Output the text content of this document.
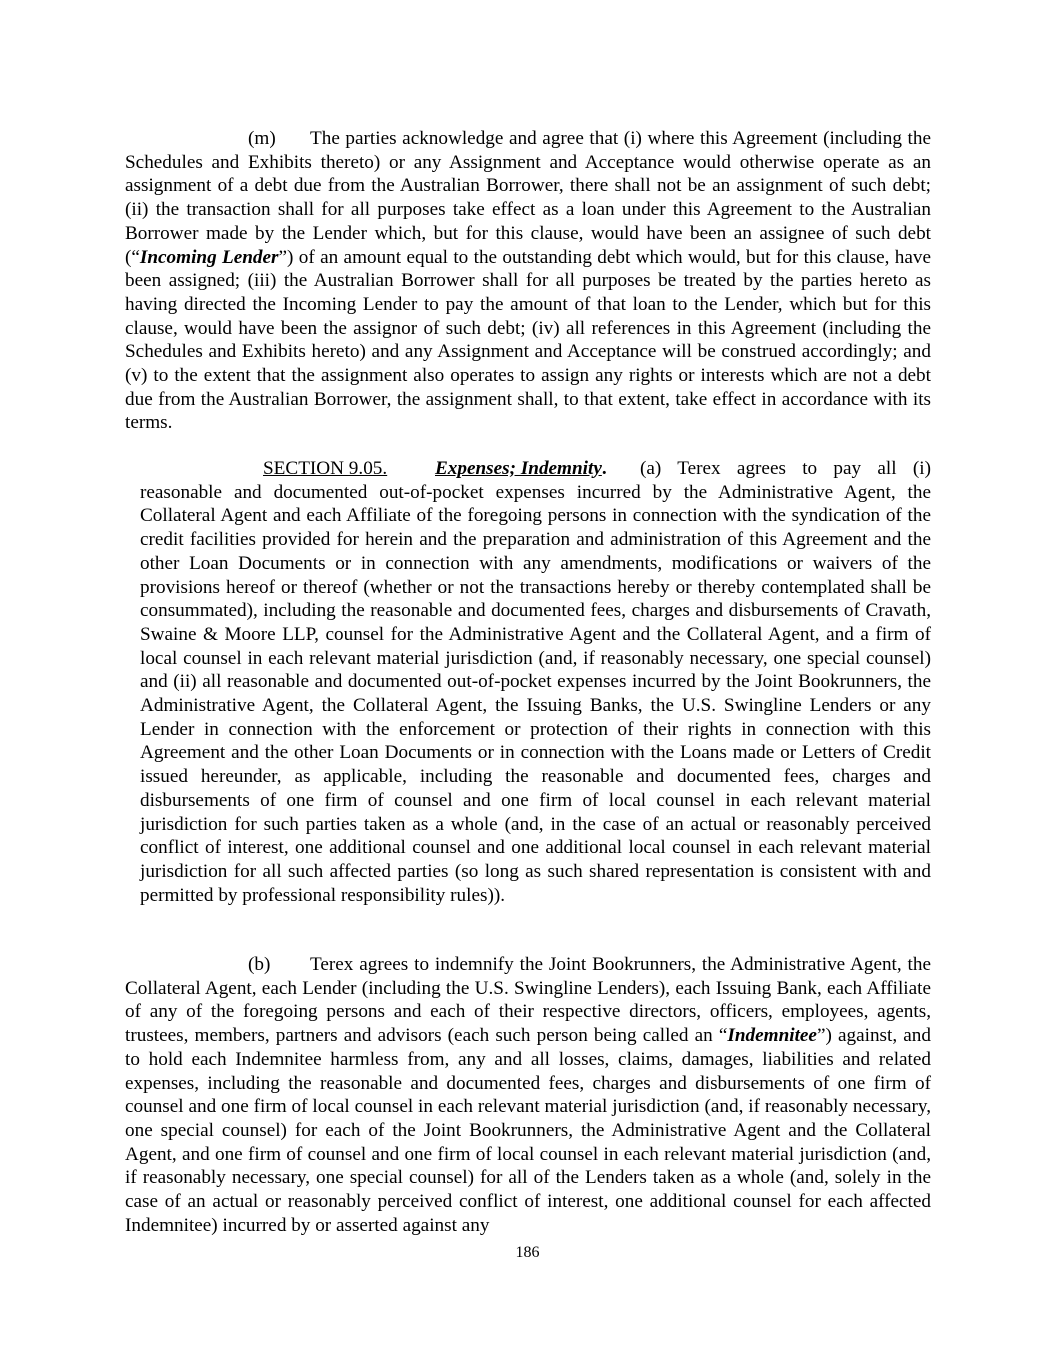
(m) The parties acknowledge and agree that (i) where this Agreement (including the Schedules and Exhibits thereto) or any Assignment and Acceptance would otherwise operate as an assignment of a debt due from the Australian Borrower, there shall not be an assignment of such debt; (ii) the transaction shall for all purposes take effect as a loan under this Agreement to the Australian Borrower made by the Lender which, but for this clause, would have been an assignee of such debt (“Incoming Lender”) of an amount equal to the outstanding debt which would, but for this clause, have been assigned; (iii) the Australian Borrower shall for all purposes be treated by the parties hereto as having directed the Incoming Lender to pay the amount of that loan to the Lender, which but for this clause, would have been the assignor of such debt; (iv) all references in this Agreement (including the Schedules and Exhibits hereto) and any Assignment and Acceptance will be construed accordingly; and (v) to the extent that the assignment also operates to assign any rights or interests which are not a debt due from the Australian Borrower, the assignment shall, to that extent, take effect in accordance with its terms.

SECTION 9.05. Expenses; Indemnity. (a) Terex agrees to pay all (i) reasonable and documented out-of-pocket expenses incurred by the Administrative Agent, the Collateral Agent and each Affiliate of the foregoing persons in connection with the syndication of the credit facilities provided for herein and the preparation and administration of this Agreement and the other Loan Documents or in connection with any amendments, modifications or waivers of the provisions hereof or thereof (whether or not the transactions hereby or thereby contemplated shall be consummated), including the reasonable and documented fees, charges and disbursements of Cravath, Swaine & Moore LLP, counsel for the Administrative Agent and the Collateral Agent, and a firm of local counsel in each relevant material jurisdiction (and, if reasonably necessary, one special counsel) and (ii) all reasonable and documented out-of-pocket expenses incurred by the Joint Bookrunners, the Administrative Agent, the Collateral Agent, the Issuing Banks, the U.S. Swingline Lenders or any Lender in connection with the enforcement or protection of their rights in connection with this Agreement and the other Loan Documents or in connection with the Loans made or Letters of Credit issued hereunder, as applicable, including the reasonable and documented fees, charges and disbursements of one firm of counsel and one firm of local counsel in each relevant material jurisdiction for such parties taken as a whole (and, in the case of an actual or reasonably perceived conflict of interest, one additional counsel and one additional local counsel in each relevant material jurisdiction for all such affected parties (so long as such shared representation is consistent with and permitted by professional responsibility rules)).

(b) Terex agrees to indemnify the Joint Bookrunners, the Administrative Agent, the Collateral Agent, each Lender (including the U.S. Swingline Lenders), each Issuing Bank, each Affiliate of any of the foregoing persons and each of their respective directors, officers, employees, agents, trustees, members, partners and advisors (each such person being called an “Indemnitee”) against, and to hold each Indemnitee harmless from, any and all losses, claims, damages, liabilities and related expenses, including the reasonable and documented fees, charges and disbursements of one firm of counsel and one firm of local counsel in each relevant material jurisdiction (and, if reasonably necessary, one special counsel) for each of the Joint Bookrunners, the Administrative Agent and the Collateral Agent, and one firm of counsel and one firm of local counsel in each relevant material jurisdiction (and, if reasonably necessary, one special counsel) for all of the Lenders taken as a whole (and, solely in the case of an actual or reasonably perceived conflict of interest, one additional counsel for each affected Indemnitee) incurred by or asserted against any

186
